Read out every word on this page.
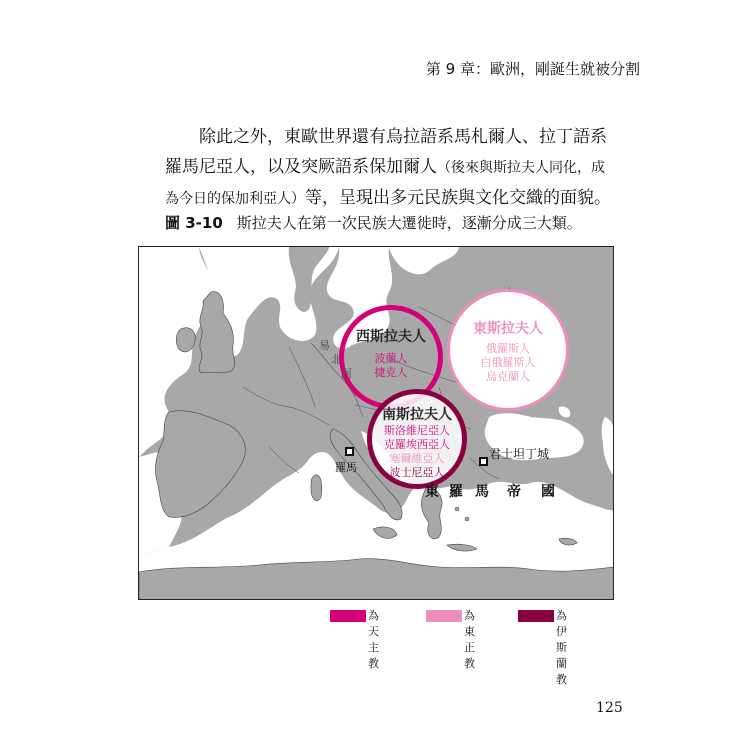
第 9 章：歐洲，剛誕生就被分割
除此之外，東歐世界還有烏拉語系馬札爾人、拉丁語系羅馬尼亞人，以及突厥語系保加爾人（後來與斯拉夫人同化，成為今日的保加利亞人）等，呈現出多元民族與文化交織的面貌。
圖 3-10 斯拉夫人在第一次民族大遷徙時，逐漸分成三大類。
西斯拉夫人
波蘭人
捷克人
東斯拉夫人
俄羅斯人
白俄羅斯人
烏克蘭人
南斯拉夫人
斯洛維尼亞人
克羅埃西亞人
塞爾維亞人
波士尼亞人
易
北
河
羅馬
君士坦丁城
東 羅 馬 帝 國
為天主教
為東正教
為伊斯蘭教
125
